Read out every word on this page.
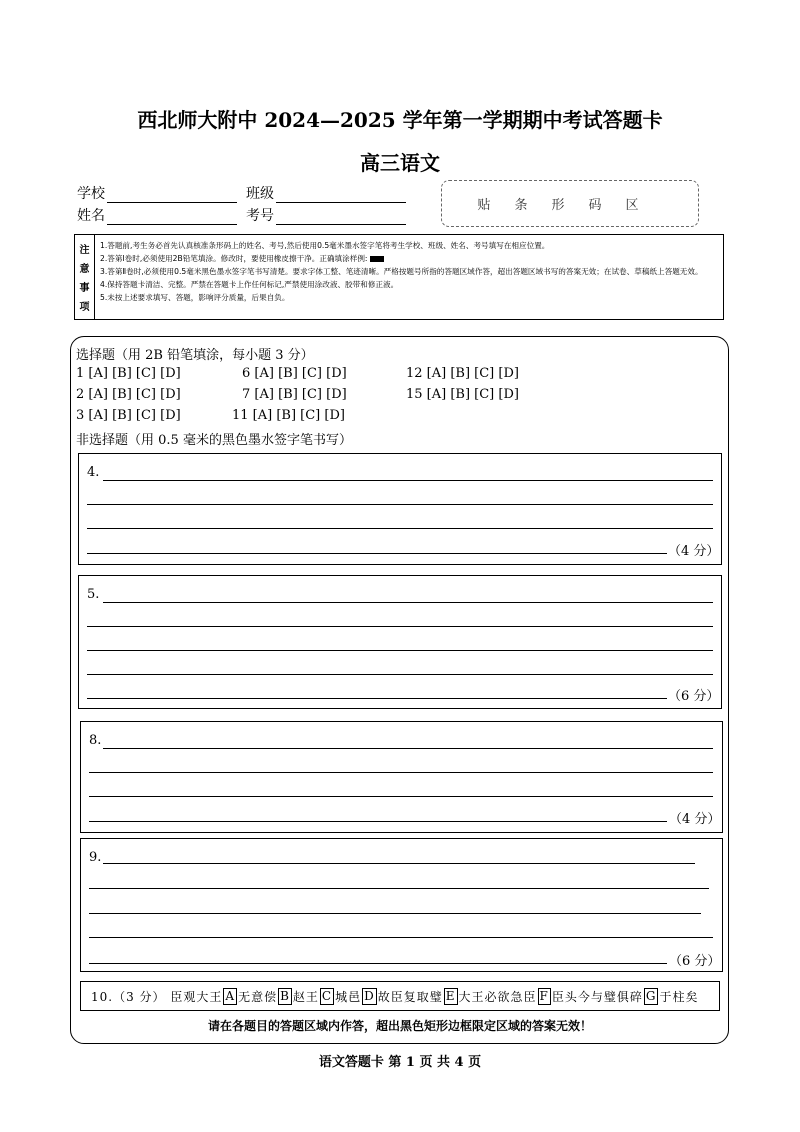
西北师大附中 2024—2025 学年第一学期期中考试答题卡
高三语文
学校	班级
姓名	考号
贴条形码区
注
意
事
项
1.答题前,考生务必首先认真核准条形码上的姓名、考号,然后使用0.5毫米墨水签字笔将考生学校、班级、姓名、考号填写在相应位置。
2.答第Ⅰ卷时,必须使用2B铅笔填涂。修改时，要使用橡皮擦干净。正确填涂样例:
3.答第Ⅱ卷时,必须使用0.5毫米黑色墨水签字笔书写清楚。要求字体工整、笔迹清晰。严格按题号所指的答题区域作答，超出答题区域书写的答案无效；在试卷、草稿纸上答题无效。
4.保持答题卡清洁、完整。严禁在答题卡上作任何标记,严禁使用涂改液、胶带和修正液。
5.未按上述要求填写、答题，影响评分质量，后果自负。
选择题（用 2B 铅笔填涂，每小题 3 分）
1 [A] [B] [C] [D]	6 [A] [B] [C] [D]	12 [A] [B] [C] [D]
2 [A] [B] [C] [D]	7 [A] [B] [C] [D]	15 [A] [B] [C] [D]
3 [A] [B] [C] [D]	11 [A] [B] [C] [D]
非选择题（用 0.5 毫米的黑色墨水签字笔书写）
4.
（4 分）
5.
（6 分）
8.
（4 分）
9.
（6 分）
10.（3 分）
臣观大王 A 无意偿 B 赵王 C 城邑 D 故臣复取璧 E 大王必欲急臣 F 臣头今与璧俱碎 G 于柱矣
请在各题目的答题区域内作答，超出黑色矩形边框限定区域的答案无效！
语文答题卡 第 1 页 共 4 页
